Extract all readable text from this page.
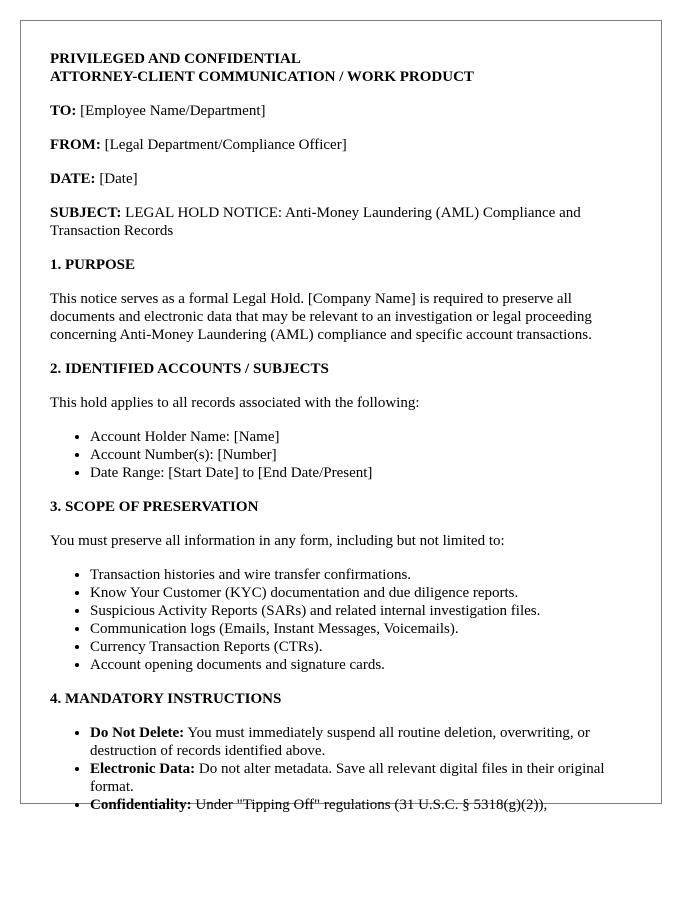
PRIVILEGED AND CONFIDENTIAL

ATTORNEY-CLIENT COMMUNICATION / WORK PRODUCT

TO: [Employee Name/Department]

FROM: [Legal Department/Compliance Officer]

DATE: [Date]

SUBJECT: LEGAL HOLD NOTICE: Anti-Money Laundering (AML) Compliance and Transaction Records

1. PURPOSE

This notice serves as a formal Legal Hold. [Company Name] is required to preserve all documents and electronic data that may be relevant to an investigation or legal proceeding concerning Anti-Money Laundering (AML) compliance and specific account transactions.

2. IDENTIFIED ACCOUNTS / SUBJECTS

This hold applies to all records associated with the following:

• Account Holder Name: [Name]
• Account Number(s): [Number]
• Date Range: [Start Date] to [End Date/Present]

3. SCOPE OF PRESERVATION

You must preserve all information in any form, including but not limited to:

• Transaction histories and wire transfer confirmations.
• Know Your Customer (KYC) documentation and due diligence reports.
• Suspicious Activity Reports (SARs) and related internal investigation files.
• Communication logs (Emails, Instant Messages, Voicemails).
• Currency Transaction Reports (CTRs).
• Account opening documents and signature cards.

4. MANDATORY INSTRUCTIONS

• Do Not Delete: You must immediately suspend all routine deletion, overwriting, or destruction of records identified above.
• Electronic Data: Do not alter metadata. Save all relevant digital files in their original format.
• Confidentiality: Under "Tipping Off" regulations (31 U.S.C. § 5318(g)(2)),
